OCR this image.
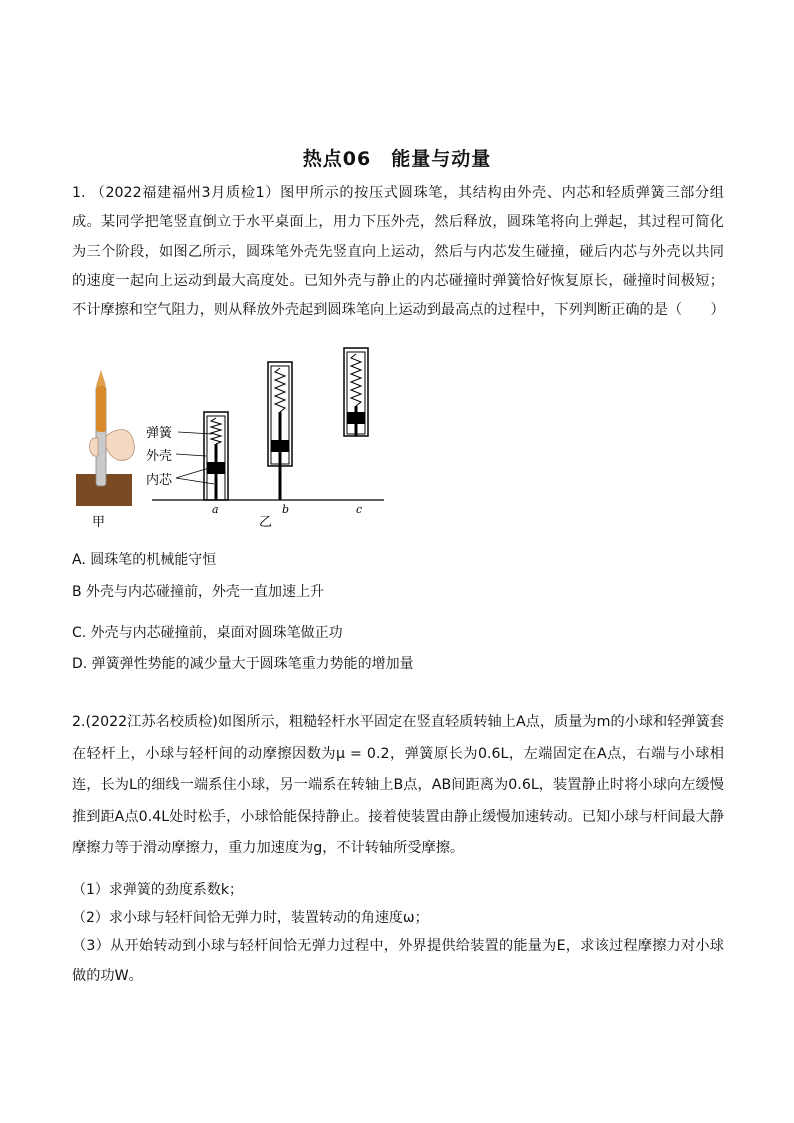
热点06　能量与动量
1. （2022福建福州3月质检1）图甲所示的按压式圆珠笔，其结构由外壳、内芯和轻质弹簧三部分组成。某同学把笔竖直倒立于水平桌面上，用力下压外壳，然后释放，圆珠笔将向上弹起，其过程可简化为三个阶段，如图乙所示，圆珠笔外壳先竖直向上运动，然后与内芯发生碰撞，碰后内芯与外壳以共同的速度一起向上运动到最大高度处。已知外壳与静止的内芯碰撞时弹簧恰好恢复原长，碰撞时间极短；不计摩擦和空气阻力，则从释放外壳起到圆珠笔向上运动到最高点的过程中，下列判断正确的是（　　）
弹簧
外壳
内芯
甲	乙
a	b	c
A. 圆珠笔的机械能守恒
B 外壳与内芯碰撞前，外壳一直加速上升
C. 外壳与内芯碰撞前，桌面对圆珠笔做正功
D. 弹簧弹性势能的减少量大于圆珠笔重力势能的增加量
2.(2022江苏名校质检)如图所示，粗糙轻杆水平固定在竖直轻质转轴上A点，质量为m的小球和轻弹簧套在轻杆上，小球与轻杆间的动摩擦因数为μ = 0.2，弹簧原长为0.6L，左端固定在A点，右端与小球相连，长为L的细线一端系住小球，另一端系在转轴上B点，AB间距离为0.6L，装置静止时将小球向左缓慢推到距A点0.4L处时松手，小球恰能保持静止。接着使装置由静止缓慢加速转动。已知小球与杆间最大静摩擦力等于滑动摩擦力，重力加速度为g，不计转轴所受摩擦。
（1）求弹簧的劲度系数k；
（2）求小球与轻杆间恰无弹力时，装置转动的角速度ω；
（3）从开始转动到小球与轻杆间恰无弹力过程中，外界提供给装置的能量为E，求该过程摩擦力对小球做的功W。
